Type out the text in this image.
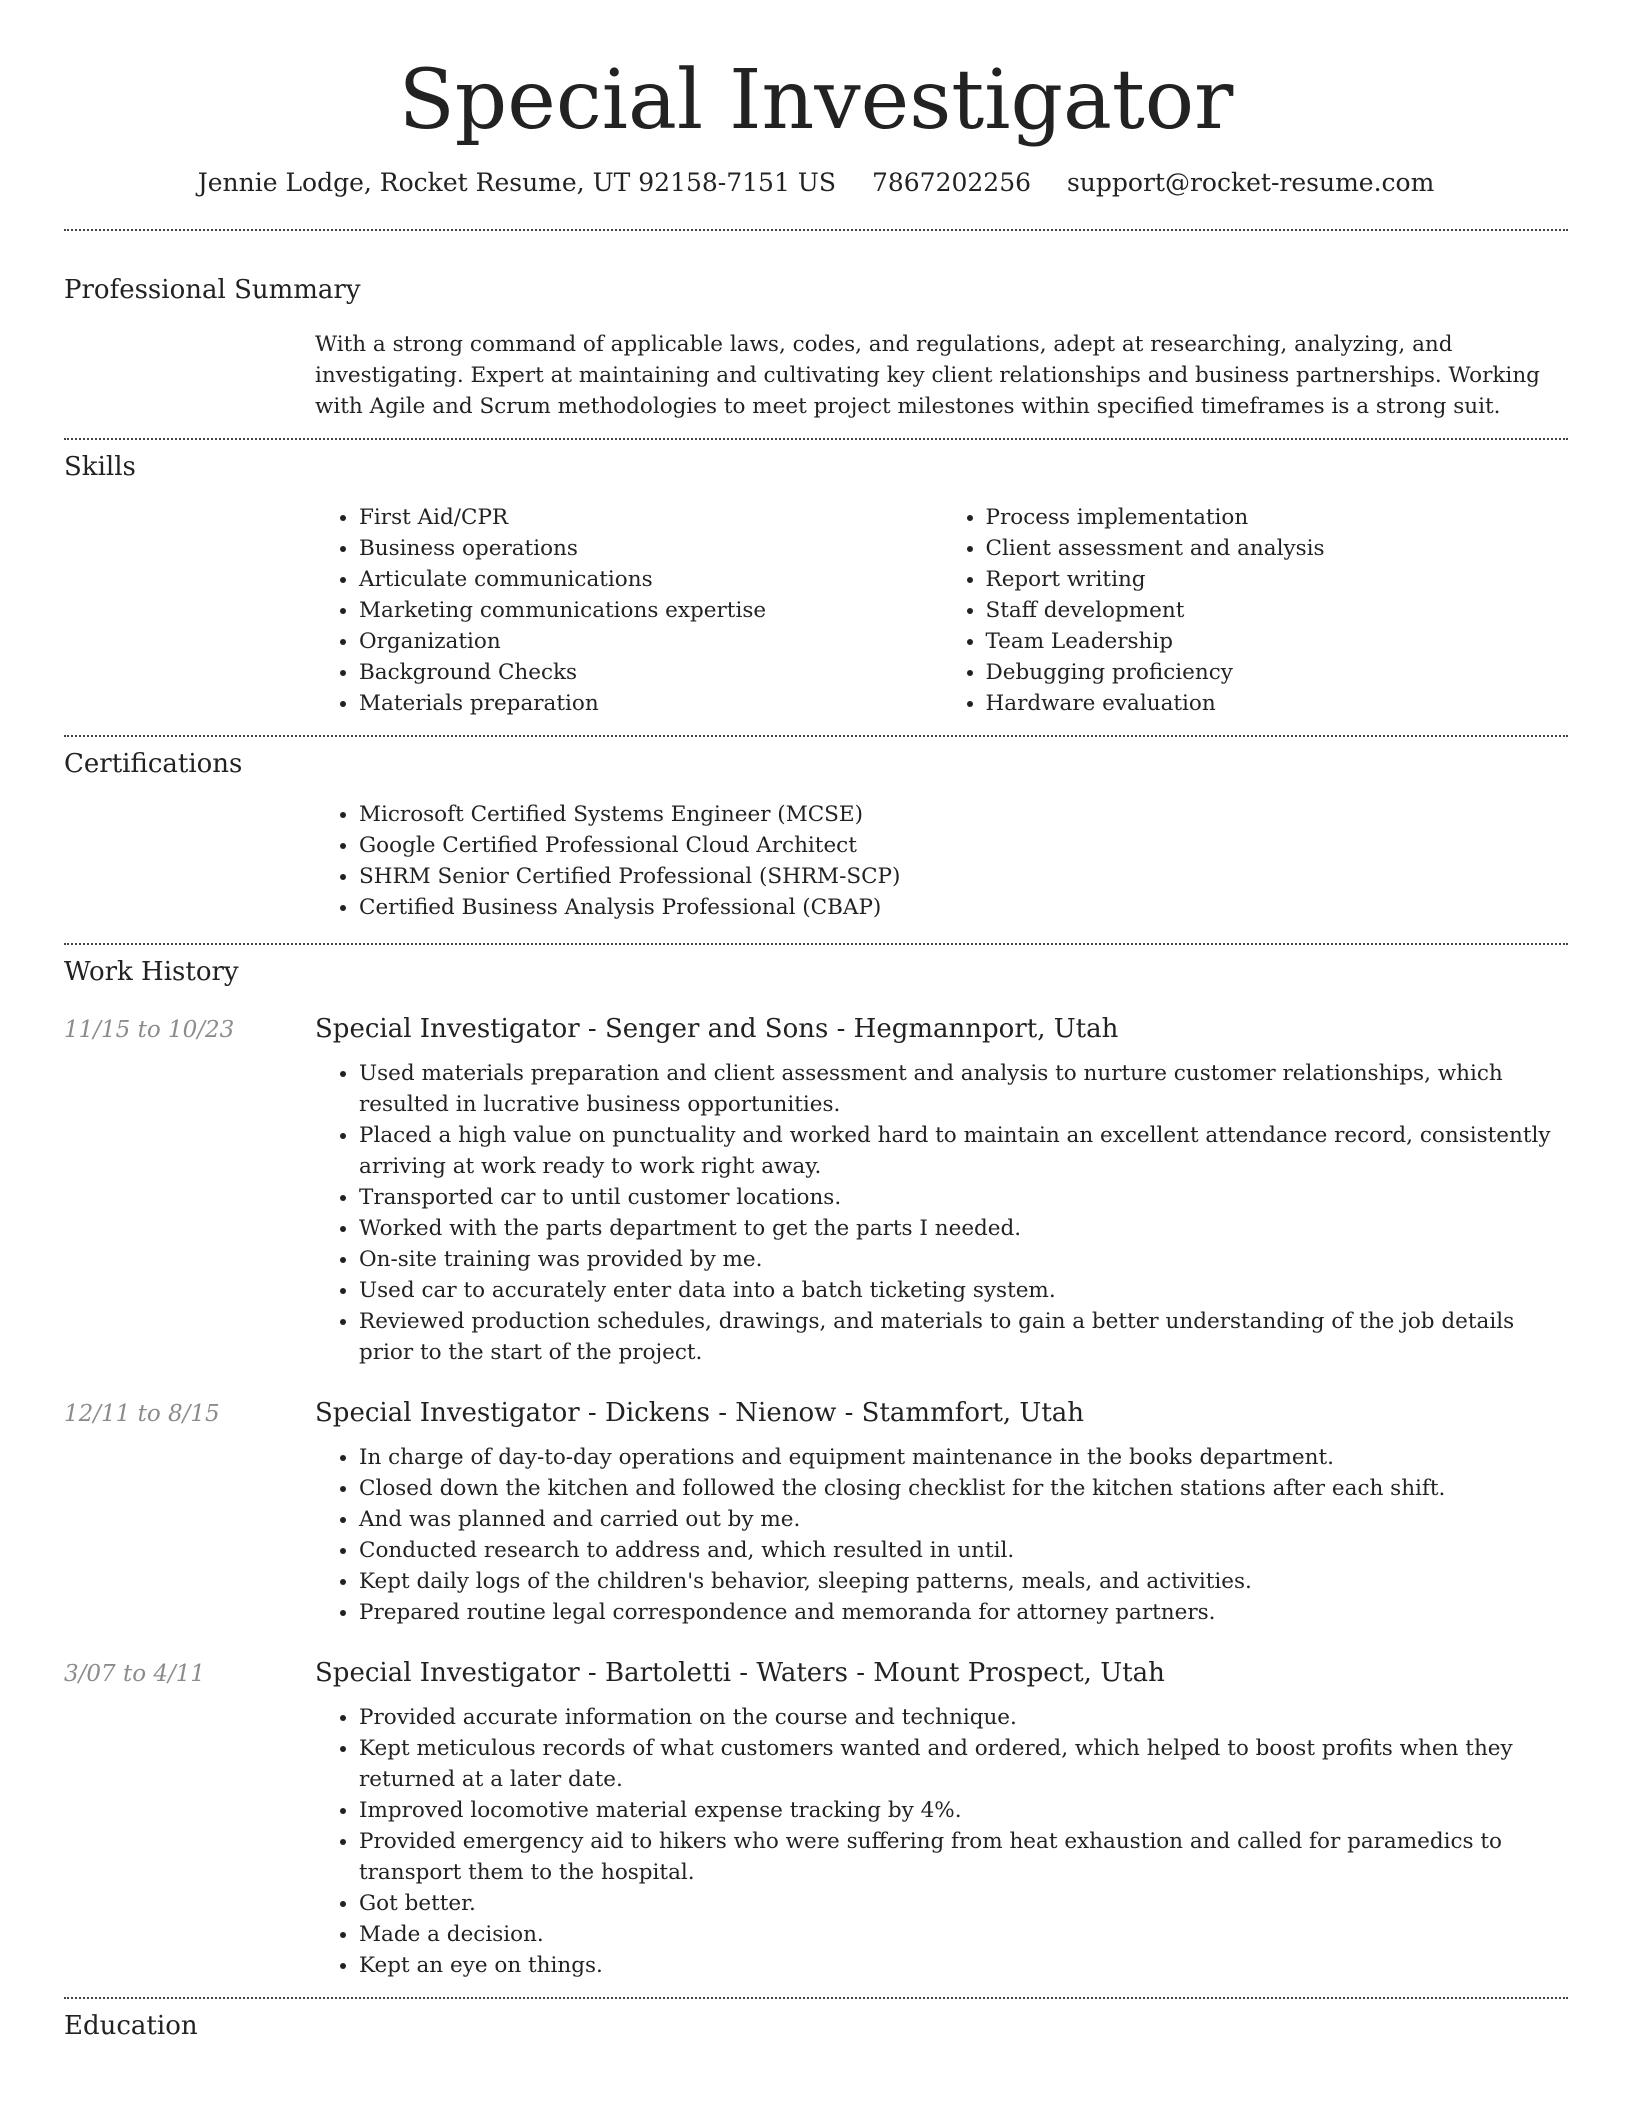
Special Investigator
Jennie Lodge, Rocket Resume, UT 92158-7151 US 7867202256 support@rocket-resume.com
Professional Summary

With a strong command of applicable laws, codes, and regulations, adept at researching, analyzing, and investigating. Expert at maintaining and cultivating key client relationships and business partnerships. Working with Agile and Scrum methodologies to meet project milestones within specified timeframes is a strong suit.

Skills
• First Aid/CPR
• Business operations
• Articulate communications
• Marketing communications expertise
• Organization
• Background Checks
• Materials preparation
• Process implementation
• Client assessment and analysis
• Report writing
• Staff development
• Team Leadership
• Debugging proficiency
• Hardware evaluation
Certifications
• Microsoft Certified Systems Engineer (MCSE)
• Google Certified Professional Cloud Architect
• SHRM Senior Certified Professional (SHRM-SCP)
• Certified Business Analysis Professional (CBAP)
Work History
11/15 to 10/23	Special Investigator - Senger and Sons - Hegmannport, Utah
• Used materials preparation and client assessment and analysis to nurture customer relationships, which resulted in lucrative business opportunities.
• Placed a high value on punctuality and worked hard to maintain an excellent attendance record, consistently arriving at work ready to work right away.
• Transported car to until customer locations.
• Worked with the parts department to get the parts I needed.
• On-site training was provided by me.
• Used car to accurately enter data into a batch ticketing system.
• Reviewed production schedules, drawings, and materials to gain a better understanding of the job details prior to the start of the project.
12/11 to 8/15	Special Investigator - Dickens - Nienow - Stammfort, Utah
• In charge of day-to-day operations and equipment maintenance in the books department.
• Closed down the kitchen and followed the closing checklist for the kitchen stations after each shift.
• And was planned and carried out by me.
• Conducted research to address and, which resulted in until.
• Kept daily logs of the children's behavior, sleeping patterns, meals, and activities.
• Prepared routine legal correspondence and memoranda for attorney partners.
3/07 to 4/11	Special Investigator - Bartoletti - Waters - Mount Prospect, Utah
• Provided accurate information on the course and technique.
• Kept meticulous records of what customers wanted and ordered, which helped to boost profits when they returned at a later date.
• Improved locomotive material expense tracking by 4%.
• Provided emergency aid to hikers who were suffering from heat exhaustion and called for paramedics to transport them to the hospital.
• Got better.
• Made a decision.
• Kept an eye on things.
Education
